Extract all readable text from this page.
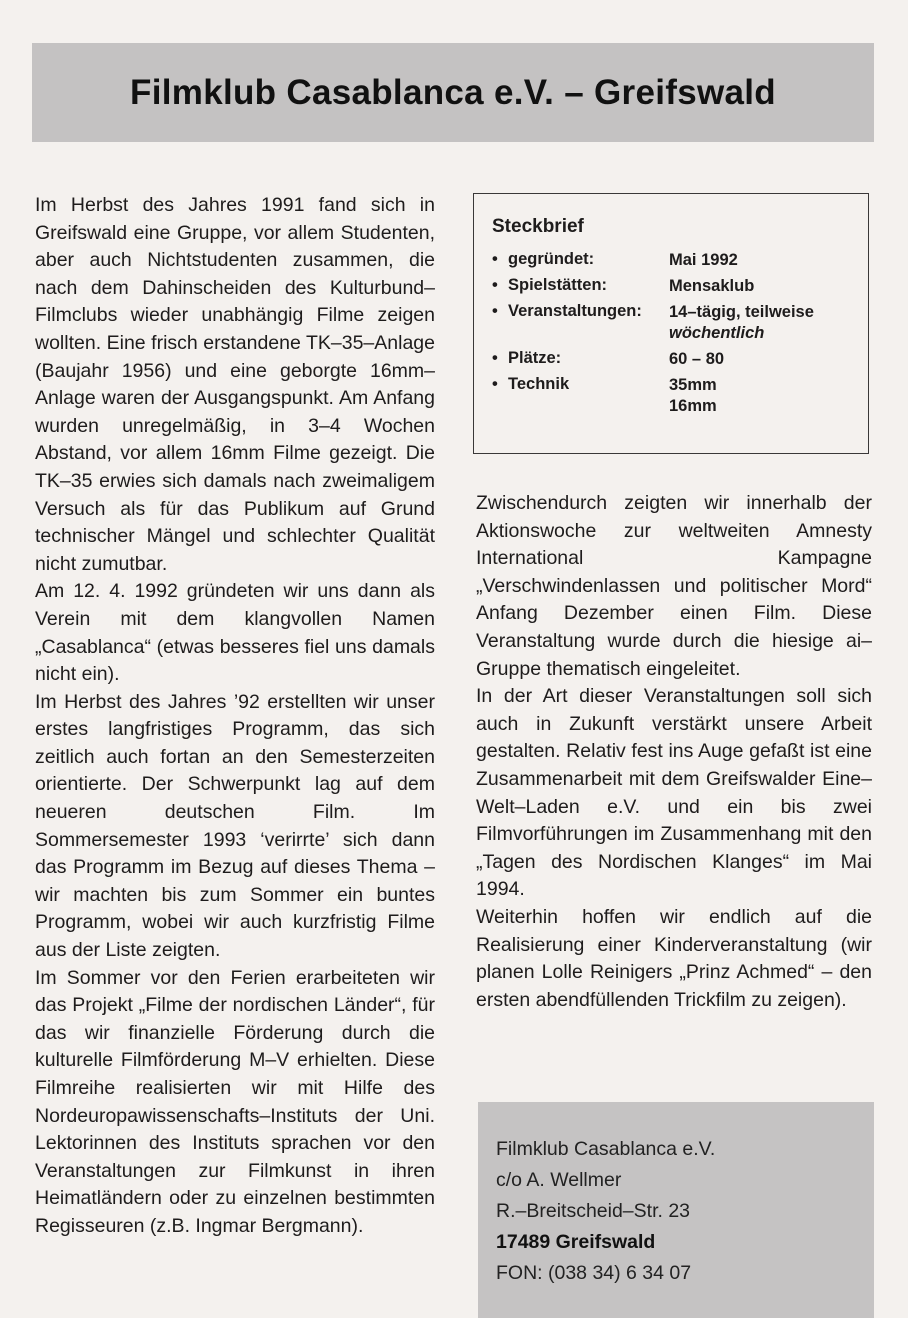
Filmklub Casablanca e.V. – Greifswald

Im Herbst des Jahres 1991 fand sich in Greifswald eine Gruppe, vor allem Studenten, aber auch Nichtstudenten zusammen, die nach dem Dahinscheiden des Kulturbund–Filmclubs wieder unabhängig Filme zeigen wollten. Eine frisch erstandene TK–35–Anlage (Baujahr 1956) und eine geborgte 16mm–Anlage waren der Ausgangspunkt. Am Anfang wurden unregelmäßig, in 3–4 Wochen Abstand, vor allem 16mm Filme gezeigt. Die TK–35 erwies sich damals nach zweimaligem Versuch als für das Publikum auf Grund technischer Mängel und schlechter Qualität nicht zumutbar.

Am 12. 4. 1992 gründeten wir uns dann als Verein mit dem klangvollen Namen „Casablanca“ (etwas besseres fiel uns damals nicht ein).

Im Herbst des Jahres ’92 erstellten wir unser erstes langfristiges Programm, das sich zeitlich auch fortan an den Semesterzeiten orientierte. Der Schwerpunkt lag auf dem neueren deutschen Film. Im Sommersemester 1993 ‘verirrte’ sich dann das Programm im Bezug auf dieses Thema – wir machten bis zum Sommer ein buntes Programm, wobei wir auch kurzfristig Filme aus der Liste zeigten.

Im Sommer vor den Ferien erarbeiteten wir das Projekt „Filme der nordischen Länder“, für das wir finanzielle Förderung durch die kulturelle Filmförderung M–V erhielten. Diese Filmreihe realisierten wir mit Hilfe des Nordeuropawissenschafts–Instituts der Uni. Lektorinnen des Instituts sprachen vor den Veranstaltungen zur Filmkunst in ihren Heimatländern oder zu einzelnen bestimmten Regisseuren (z.B. Ingmar Bergmann).

Steckbrief
• gegründet:	Mai 1992
• Spielstätten:	Mensaklub
• Veranstaltungen:	14–tägig, teilweise
wöchentlich
• Plätze:	60 – 80
• Technik	35mm
16mm

Zwischendurch zeigten wir innerhalb der Aktionswoche zur weltweiten Amnesty International Kampagne „Verschwindenlassen und politischer Mord“ Anfang Dezember einen Film. Diese Veranstaltung wurde durch die hiesige ai–Gruppe thematisch eingeleitet.

In der Art dieser Veranstaltungen soll sich auch in Zukunft verstärkt unsere Arbeit gestalten. Relativ fest ins Auge gefaßt ist eine Zusammenarbeit mit dem Greifswalder Eine–Welt–Laden e.V. und ein bis zwei Filmvorführungen im Zusammenhang mit den „Tagen des Nordischen Klanges“ im Mai 1994.

Weiterhin hoffen wir endlich auf die Realisierung einer Kinderveranstaltung (wir planen Lolle Reinigers „Prinz Achmed“ – den ersten abendfüllenden Trickfilm zu zeigen).

Filmklub Casablanca e.V.
c/o A. Wellmer
R.–Breitscheid–Str. 23
17489 Greifswald
FON: (038 34) 6 34 07
